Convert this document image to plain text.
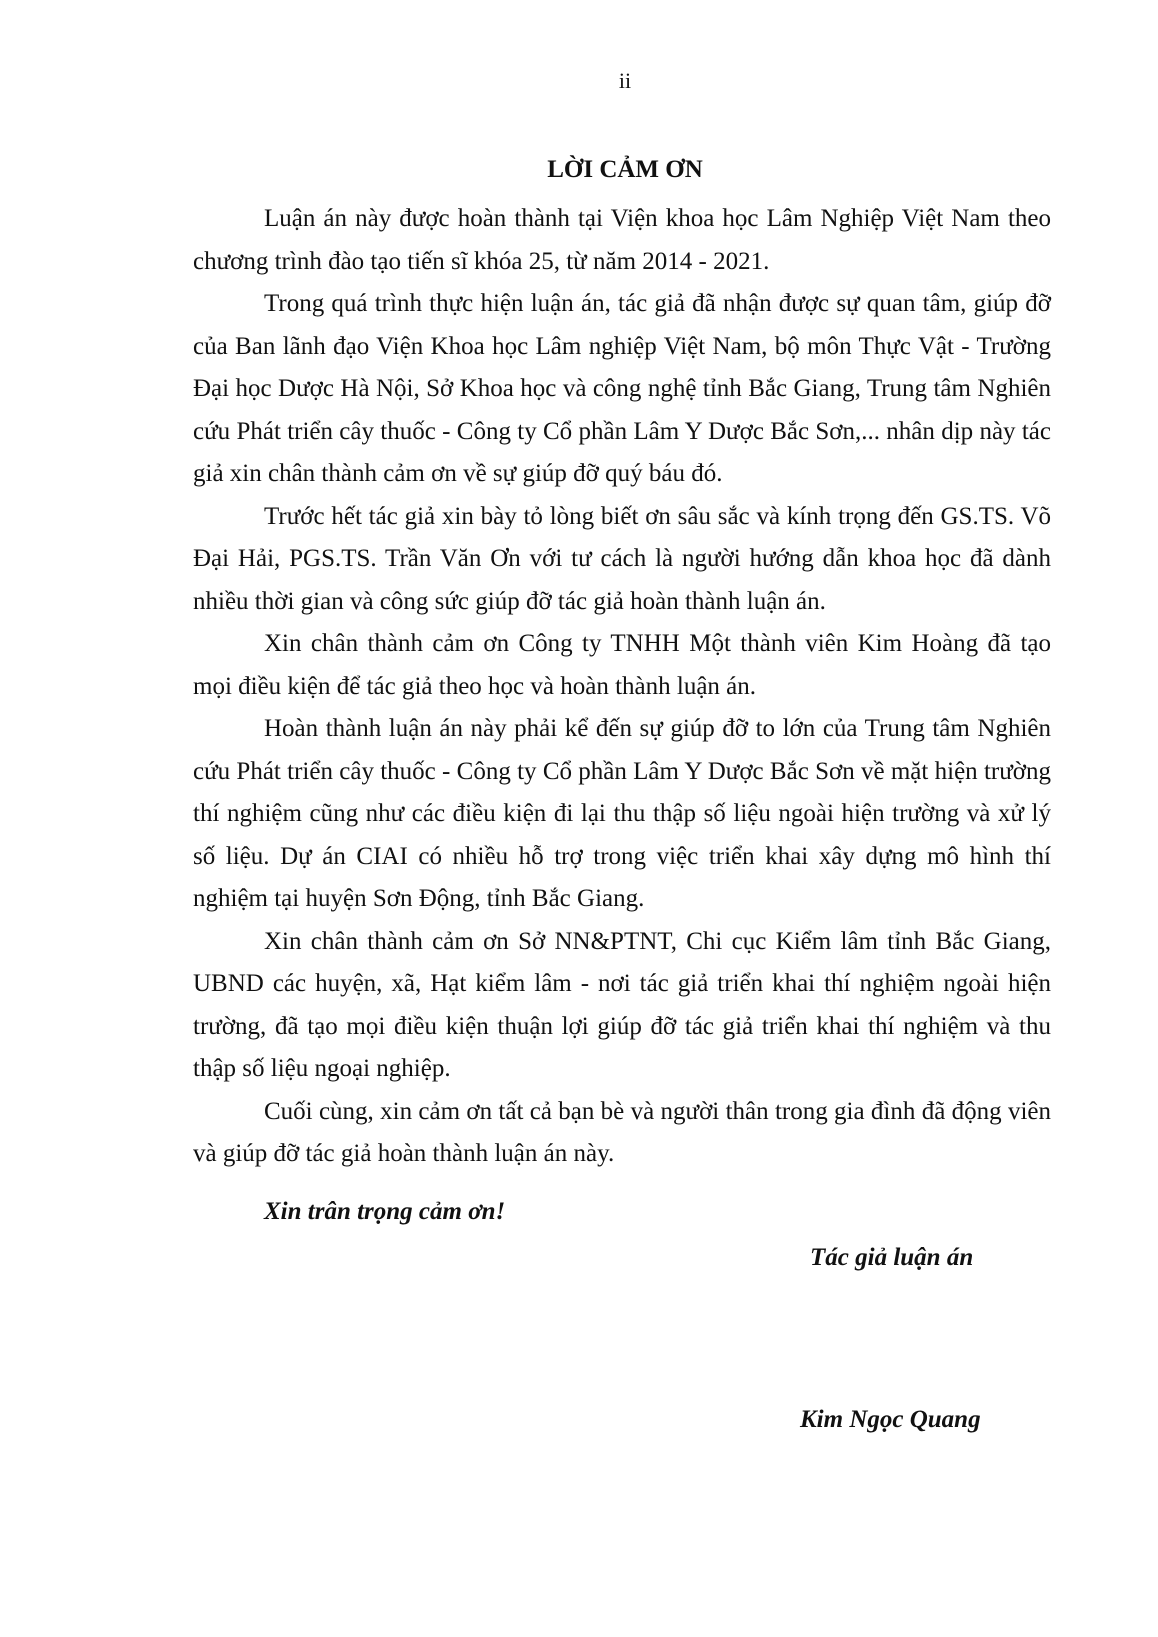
ii
LỜI CẢM ƠN

Luận án này được hoàn thành tại Viện khoa học Lâm Nghiệp Việt Nam theo chương trình đào tạo tiến sĩ khóa 25, từ năm 2014 - 2021.

Trong quá trình thực hiện luận án, tác giả đã nhận được sự quan tâm, giúp đỡ của Ban lãnh đạo Viện Khoa học Lâm nghiệp Việt Nam, bộ môn Thực Vật - Trường Đại học Dược Hà Nội, Sở Khoa học và công nghệ tỉnh Bắc Giang, Trung tâm Nghiên cứu Phát triển cây thuốc - Công ty Cổ phần Lâm Y Dược Bắc Sơn,... nhân dịp này tác giả xin chân thành cảm ơn về sự giúp đỡ quý báu đó.

Trước hết tác giả xin bày tỏ lòng biết ơn sâu sắc và kính trọng đến GS.TS. Võ Đại Hải, PGS.TS. Trần Văn Ơn với tư cách là người hướng dẫn khoa học đã dành nhiều thời gian và công sức giúp đỡ tác giả hoàn thành luận án.

Xin chân thành cảm ơn Công ty TNHH Một thành viên Kim Hoàng đã tạo mọi điều kiện để tác giả theo học và hoàn thành luận án.

Hoàn thành luận án này phải kể đến sự giúp đỡ to lớn của Trung tâm Nghiên cứu Phát triển cây thuốc - Công ty Cổ phần Lâm Y Dược Bắc Sơn về mặt hiện trường thí nghiệm cũng như các điều kiện đi lại thu thập số liệu ngoài hiện trường và xử lý số liệu. Dự án CIAI có nhiều hỗ trợ trong việc triển khai xây dựng mô hình thí nghiệm tại huyện Sơn Động, tỉnh Bắc Giang.

Xin chân thành cảm ơn Sở NN&PTNT, Chi cục Kiểm lâm tỉnh Bắc Giang, UBND các huyện, xã, Hạt kiểm lâm - nơi tác giả triển khai thí nghiệm ngoài hiện trường, đã tạo mọi điều kiện thuận lợi giúp đỡ tác giả triển khai thí nghiệm và thu thập số liệu ngoại nghiệp.

Cuối cùng, xin cảm ơn tất cả bạn bè và người thân trong gia đình đã động viên và giúp đỡ tác giả hoàn thành luận án này.

Xin trân trọng cảm ơn!
Tác giả luận án
Kim Ngọc Quang
